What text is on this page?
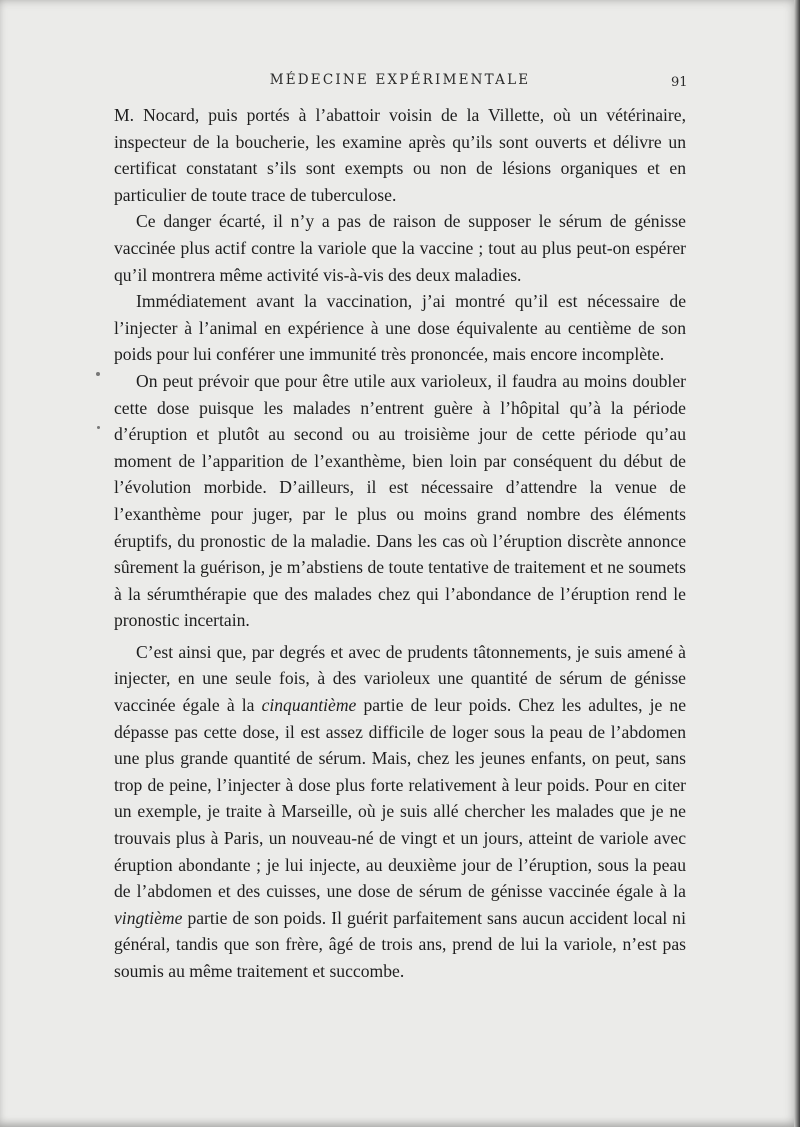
MÉDECINE EXPÉRIMENTALE	91

M. Nocard, puis portés à l’abattoir voisin de la Villette, où un vétérinaire, inspecteur de la boucherie, les examine après qu’ils sont ouverts et délivre un certificat constatant s’ils sont exempts ou non de lésions organiques et en particulier de toute trace de tuberculose.

Ce danger écarté, il n’y a pas de raison de supposer le sérum de génisse vaccinée plus actif contre la variole que la vaccine ; tout au plus peut-on espérer qu’il montrera même activité vis-à-vis des deux maladies.

Immédiatement avant la vaccination, j’ai montré qu’il est nécessaire de l’injecter à l’animal en expérience à une dose équivalente au centième de son poids pour lui conférer une immunité très prononcée, mais encore incomplète.

On peut prévoir que pour être utile aux varioleux, il faudra au moins doubler cette dose puisque les malades n’entrent guère à l’hôpital qu’à la période d’éruption et plutôt au second ou au troisième jour de cette période qu’au moment de l’apparition de l’exanthème, bien loin par conséquent du début de l’évolution morbide. D’ailleurs, il est nécessaire d’attendre la venue de l’exanthème pour juger, par le plus ou moins grand nombre des éléments éruptifs, du pronostic de la maladie. Dans les cas où l’éruption discrète annonce sûrement la guérison, je m’abstiens de toute tentative de traitement et ne soumets à la sérumthérapie que des malades chez qui l’abondance de l’éruption rend le pronostic incertain.

C’est ainsi que, par degrés et avec de prudents tâtonnements, je suis amené à injecter, en une seule fois, à des varioleux une quantité de sérum de génisse vaccinée égale à la cinquantième partie de leur poids. Chez les adultes, je ne dépasse pas cette dose, il est assez difficile de loger sous la peau de l’abdomen une plus grande quantité de sérum. Mais, chez les jeunes enfants, on peut, sans trop de peine, l’injecter à dose plus forte relativement à leur poids. Pour en citer un exemple, je traite à Marseille, où je suis allé chercher les malades que je ne trouvais plus à Paris, un nouveau-né de vingt et un jours, atteint de variole avec éruption abondante ; je lui injecte, au deuxième jour de l’éruption, sous la peau de l’abdomen et des cuisses, une dose de sérum de génisse vaccinée égale à la vingtième partie de son poids. Il guérit parfaitement sans aucun accident local ni général, tandis que son frère, âgé de trois ans, prend de lui la variole, n’est pas soumis au même traitement et succombe.
